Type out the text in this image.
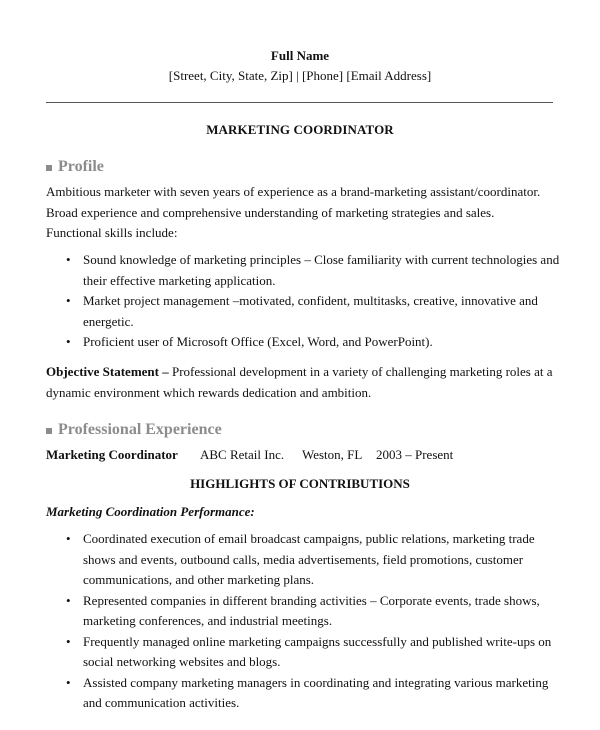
Full Name
[Street, City, State, Zip] | [Phone] [Email Address]
MARKETING COORDINATOR
Profile
Ambitious marketer with seven years of experience as a brand-marketing assistant/coordinator.
Broad experience and comprehensive understanding of marketing strategies and sales.
Functional skills include:
• Sound knowledge of marketing principles – Close familiarity with current technologies and
their effective marketing application.
• Market project management –motivated, confident, multitasks, creative, innovative and
energetic.
• Proficient user of Microsoft Office (Excel, Word, and PowerPoint).
Objective Statement – Professional development in a variety of challenging marketing roles at a
dynamic environment which rewards dedication and ambition.
Professional Experience
Marketing Coordinator ABC Retail Inc. Weston, FL 2003 – Present
HIGHLIGHTS OF CONTRIBUTIONS
Marketing Coordination Performance:
• Coordinated execution of email broadcast campaigns, public relations, marketing trade
shows and events, outbound calls, media advertisements, field promotions, customer
communications, and other marketing plans.
• Represented companies in different branding activities – Corporate events, trade shows,
marketing conferences, and industrial meetings.
• Frequently managed online marketing campaigns successfully and published write-ups on
social networking websites and blogs.
• Assisted company marketing managers in coordinating and integrating various marketing
and communication activities.
